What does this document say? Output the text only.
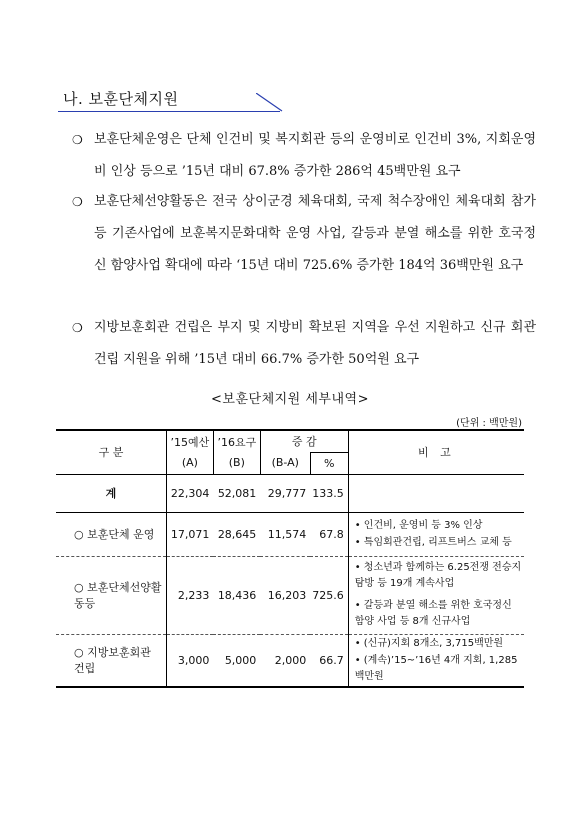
나. 보훈단체지원
❍ 보훈단체운영은 단체 인건비 및 복지회관 등의 운영비로 인건비 3%, 지회운영비 인상 등으로 ’15년 대비 67.8% 증가한 286억 45백만원 요구
❍ 보훈단체선양활동은 전국 상이군경 체육대회, 국제 척수장애인 체육대회 참가 등 기존사업에 보훈복지문화대학 운영 사업, 갈등과 분열 해소를 위한 호국정신 함양사업 확대에 따라 ‘15년 대비 725.6% 증가한 184억 36백만원 요구
❍ 지방보훈회관 건립은 부지 및 지방비 확보된 지역을 우선 지원하고 신규 회관 건립 지원을 위해 ’15년 대비 66.7% 증가한 50억원 요구
<보훈단체지원 세부내역>
(단위 : 백만원)
구 분	’15예산	’16요구	증 감		비 고
	(A)	(B)	(B-A)	%	
계	22,304	52,081	29,777	133.5	
○ 보훈단체 운영	17,071	28,645	11,574	67.8	• 인건비, 운영비 등 3% 인상
• 특임회관건립, 리프트버스 교체 등

○ 보훈단체선양활동등	2,233	18,436	16,203	725.6	• 청소년과 함께하는 6.25전쟁 전승지 탐방 등 19개 계속사업
• 갈등과 분열 해소를 위한 호국정신 함양 사업 등 8개 신규사업

○ 지방보훈회관 건립	3,000	5,000	2,000	66.7	• (신규)지회 8개소, 3,715백만원
• (계속)’15~’16년 4개 지회, 1,285백만원
